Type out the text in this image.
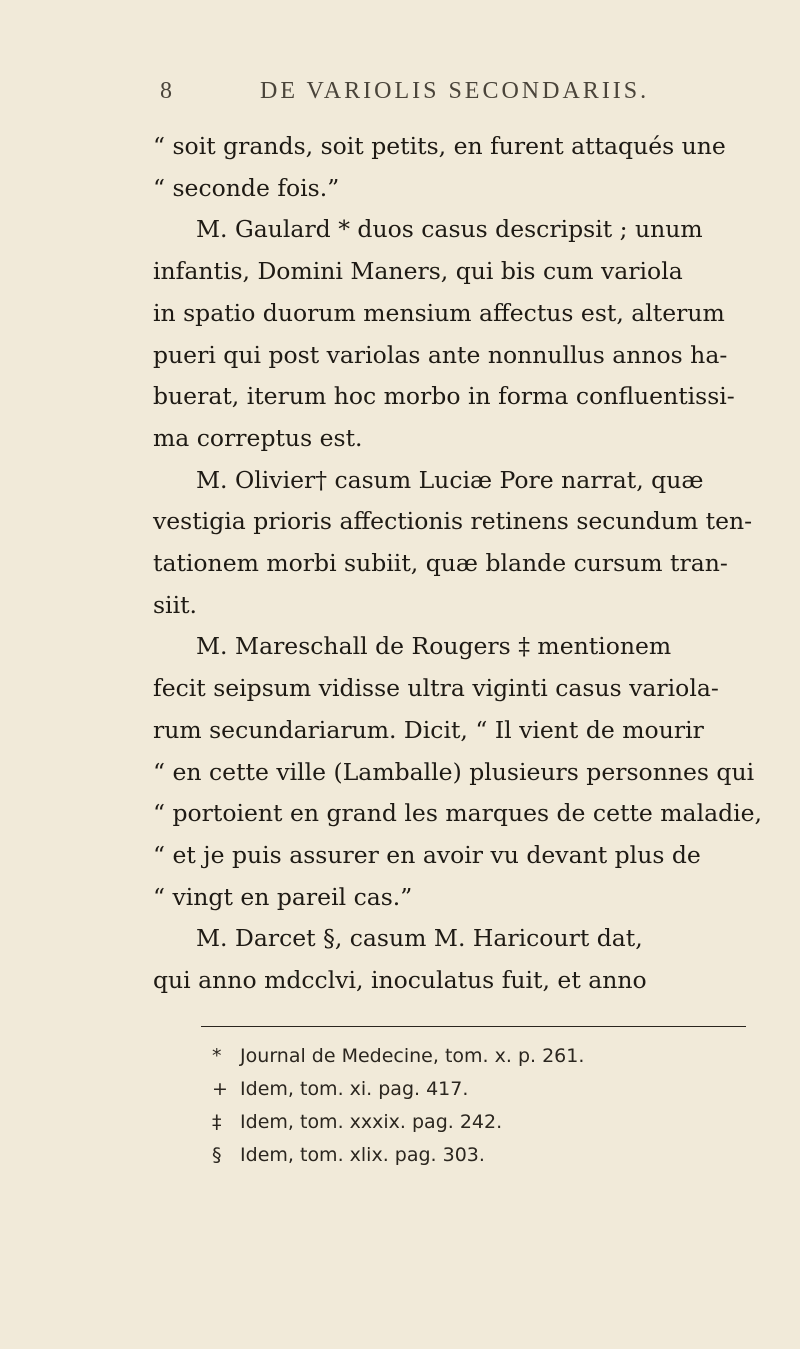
8	DE VARIOLIS SECONDARIIS.
“ soit grands, soit petits, en furent attaqués une
“ seconde fois.”
M. Gaulard * duos casus descripsit ; unum
infantis, Domini Maners, qui bis cum variola
in spatio duorum mensium affectus est, alterum
pueri qui post variolas ante nonnullus annos ha-
buerat, iterum hoc morbo in forma confluentissi-
ma correptus est.
M. Olivier† casum Luciæ Pore narrat, quæ
vestigia prioris affectionis retinens secundum ten-
tationem morbi subiit, quæ blande cursum tran-
siit.
M. Mareschall de Rougers ‡ mentionem
fecit seipsum vidisse ultra viginti casus variola-
rum secundariarum. Dicit, “ Il vient de mourir
“ en cette ville (Lamballe) plusieurs personnes qui
“ portoient en grand les marques de cette maladie,
“ et je puis assurer en avoir vu devant plus de
“ vingt en pareil cas.”
M. Darcet §, casum M. Haricourt dat,
qui anno mdcclvi, inoculatus fuit, et anno
* Journal de Medecine, tom. x. p. 261.
+ Idem, tom. xi. pag. 417.
‡ Idem, tom. xxxix. pag. 242.
§ Idem, tom. xlix. pag. 303.
